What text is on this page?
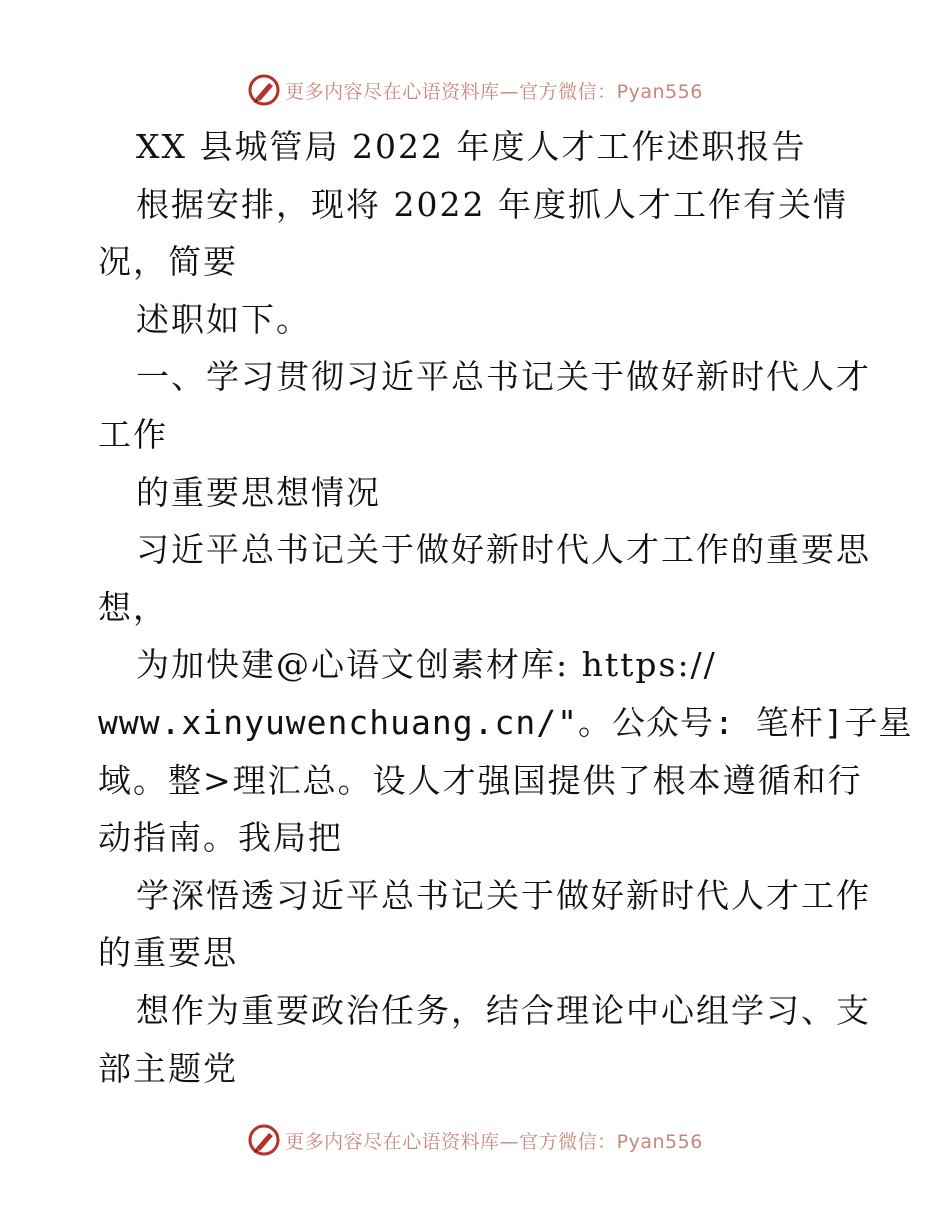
更多内容尽在心语资料库—官方微信：Pyan556
XX 县城管局 2022 年度人才工作述职报告
根据安排，现将 2022 年度抓人才工作有关情
况，简要
述职如下。
一、学习贯彻习近平总书记关于做好新时代人才
工作
的重要思想情况
习近平总书记关于做好新时代人才工作的重要思
想，
为加快建@心语文创素材库: https://
www.xinyuwenchuang.cn/"。公众号: 笔杆]子星
域。整>理汇总。设人才强国提供了根本遵循和行
动指南。我局把
学深悟透习近平总书记关于做好新时代人才工作
的重要思
想作为重要政治任务，结合理论中心组学习、支
部主题党
更多内容尽在心语资料库—官方微信：Pyan556
